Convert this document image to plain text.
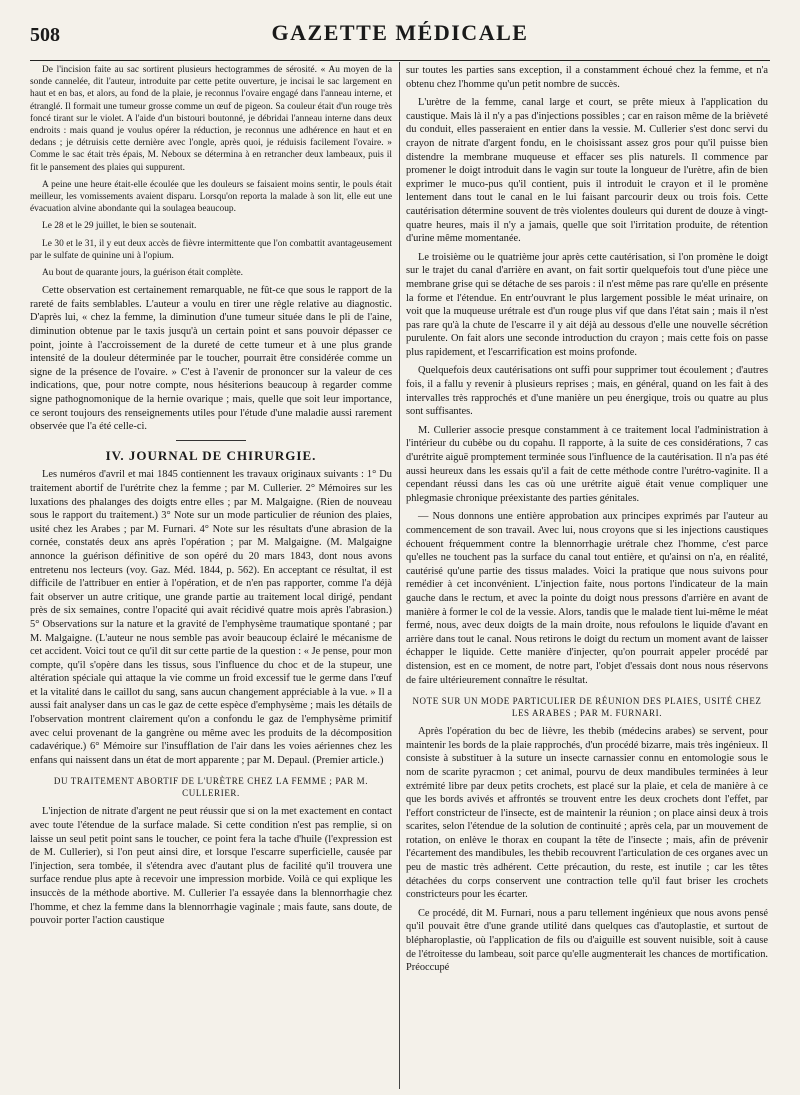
508	GAZETTE MÉDICALE

De l'incision faite au sac sortirent plusieurs hectogrammes de sérosité. « Au moyen de la sonde cannelée, dit l'auteur, introduite par cette petite ouverture, je incisai le sac largement en haut et en bas, et alors, au fond de la plaie, je reconnus l'ovaire engagé dans l'anneau interne, et étranglé. Il formait une tumeur grosse comme un œuf de pigeon. Sa couleur était d'un rouge très foncé tirant sur le violet. A l'aide d'un bistouri boutonné, je débridai l'anneau interne dans deux endroits : mais quand je voulus opérer la réduction, je reconnus une adhérence en haut et en dedans ; je détruisis cette dernière avec l'ongle, après quoi, je réduisis facilement l'ovaire. » Comme le sac était très épais, M. Neboux se détermina à en retrancher deux lambeaux, puis il fit le pansement des plaies qui suppurent.

A peine une heure était-elle écoulée que les douleurs se faisaient moins sentir, le pouls était meilleur, les vomissements avaient disparu. Lorsqu'on reporta la malade à son lit, elle eut une évacuation alvine abondante qui la soulagea beaucoup.

Le 28 et le 29 juillet, le bien se soutenait.

Le 30 et le 31, il y eut deux accès de fièvre intermittente que l'on combattit avantageusement par le sulfate de quinine uni à l'opium.

Au bout de quarante jours, la guérison était complète.

Cette observation est certainement remarquable, ne fût-ce que sous le rapport de la rareté de faits semblables. L'auteur a voulu en tirer une règle relative au diagnostic. D'après lui, « chez la femme, la diminution d'une tumeur située dans le pli de l'aine, diminution obtenue par le taxis jusqu'à un certain point et sans pouvoir dépasser ce point, jointe à l'accroissement de la dureté de cette tumeur et à une plus grande intensité de la douleur déterminée par le toucher, pourrait être considérée comme un signe de la présence de l'ovaire. » C'est à l'avenir de prononcer sur la valeur de ces indications, que, pour notre compte, nous hésiterions beaucoup à regarder comme signe pathognomonique de la hernie ovarique ; mais, quelle que soit leur importance, ce seront toujours des renseignements utiles pour l'étude d'une maladie aussi rarement observée que l'a été celle-ci.

IV. JOURNAL DE CHIRURGIE.

Les numéros d'avril et mai 1845 contiennent les travaux originaux suivants : 1° Du traitement abortif de l'urétrite chez la femme ; par M. Cullerier. 2° Mémoires sur les luxations des phalanges des doigts entre elles ; par M. Malgaigne. (Rien de nouveau sous le rapport du traitement.) 3° Note sur un mode particulier de réunion des plaies, usité chez les Arabes ; par M. Furnari. 4° Note sur les résultats d'une abrasion de la cornée, constatés deux ans après l'opération ; par M. Malgaigne. (M. Malgaigne annonce la guérison définitive de son opéré du 20 mars 1843, dont nous avons entretenu nos lecteurs (voy. Gaz. Méd. 1844, p. 562). En acceptant ce résultat, il est difficile de l'attribuer en entier à l'opération, et de n'en pas rapporter, comme l'a déjà fait observer un autre critique, une grande partie au traitement local dirigé, pendant près de six semaines, contre l'opacité qui avait récidivé quatre mois après l'abrasion.) 5° Observations sur la nature et la gravité de l'emphysème traumatique spontané ; par M. Malgaigne. (L'auteur ne nous semble pas avoir beaucoup éclairé le mécanisme de cet accident. Voici tout ce qu'il dit sur cette partie de la question : « Je pense, pour mon compte, qu'il s'opère dans les tissus, sous l'influence du choc et de la stupeur, une altération spéciale qui attaque la vie comme un froid excessif tue le germe dans l'œuf et la vitalité dans le caillot du sang, sans aucun changement appréciable à la vue. » Il a aussi fait analyser dans un cas le gaz de cette espèce d'emphysème ; mais les détails de l'observation montrent clairement qu'on a confondu le gaz de l'emphysème primitif avec celui provenant de la gangrène ou même avec les produits de la décomposition cadavérique.) 6° Mémoire sur l'insufflation de l'air dans les voies aériennes chez les enfans qui naissent dans un état de mort apparente ; par M. Depaul. (Premier article.)

DU TRAITEMENT ABORTIF DE L'URÈTRE CHEZ LA FEMME ; PAR M. CULLERIER.

L'injection de nitrate d'argent ne peut réussir que si on la met exactement en contact avec toute l'étendue de la surface malade. Si cette condition n'est pas remplie, si on laisse un seul petit point sans le toucher, ce point fera la tache d'huile (l'expression est de M. Cullerier), si l'on peut ainsi dire, et lorsque l'escarre superficielle, causée par l'injection, sera tombée, il s'étendra avec d'autant plus de facilité qu'il trouvera une surface rendue plus apte à recevoir une impression morbide. Voilà ce qui explique les insuccès de la méthode abortive. M. Cullerier l'a essayée dans la blennorrhagie chez l'homme, et chez la femme dans la blennorrhagie vaginale ; mais faute, sans doute, de pouvoir porter l'action caustique

sur toutes les parties sans exception, il a constamment échoué chez la femme, et n'a obtenu chez l'homme qu'un petit nombre de succès.

L'urètre de la femme, canal large et court, se prête mieux à l'application du caustique. Mais là il n'y a pas d'injections possibles ; car en raison même de la brièveté du conduit, elles passeraient en entier dans la vessie. M. Cullerier s'est donc servi du crayon de nitrate d'argent fondu, en le choisissant assez gros pour qu'il puisse bien distendre la membrane muqueuse et effacer ses plis naturels. Il commence par promener le doigt introduit dans le vagin sur toute la longueur de l'urètre, afin de bien exprimer le muco-pus qu'il contient, puis il introduit le crayon et il le promène lentement dans tout le canal en le lui faisant parcourir deux ou trois fois. Cette cautérisation détermine souvent de très violentes douleurs qui durent de douze à vingt-quatre heures, mais il n'y a jamais, quelle que soit l'irritation produite, de rétention d'urine même momentanée.

Le troisième ou le quatrième jour après cette cautérisation, si l'on promène le doigt sur le trajet du canal d'arrière en avant, on fait sortir quelquefois tout d'une pièce une membrane grise qui se détache de ses parois : il n'est même pas rare qu'elle en présente la forme et l'étendue. En entr'ouvrant le plus largement possible le méat urinaire, on voit que la muqueuse urétrale est d'un rouge plus vif que dans l'état sain ; mais il n'est pas rare qu'à la chute de l'escarre il y ait déjà au dessous d'elle une nouvelle sécrétion purulente. On fait alors une seconde introduction du crayon ; mais cette fois on passe plus rapidement, et l'escarrification est moins profonde.

Quelquefois deux cautérisations ont suffi pour supprimer tout écoulement ; d'autres fois, il a fallu y revenir à plusieurs reprises ; mais, en général, quand on les fait à des intervalles très rapprochés et d'une manière un peu énergique, trois ou quatre au plus sont suffisantes.

M. Cullerier associe presque constamment à ce traitement local l'administration à l'intérieur du cubèbe ou du copahu. Il rapporte, à la suite de ces considérations, 7 cas d'urétrite aiguë promptement terminée sous l'influence de la cautérisation. Il n'a pas été aussi heureux dans les essais qu'il a fait de cette méthode contre l'urétro-vaginite. Il a cependant réussi dans les cas où une urétrite aiguë était venue compliquer une phlegmasie chronique préexistante des parties génitales.

— Nous donnons une entière approbation aux principes exprimés par l'auteur au commencement de son travail. Avec lui, nous croyons que si les injections caustiques échouent fréquemment contre la blennorrhagie urétrale chez l'homme, c'est parce qu'elles ne touchent pas la surface du canal tout entière, et qu'ainsi on n'a, en réalité, cautérisé qu'une partie des tissus malades. Voici la pratique que nous suivons pour remédier à cet inconvénient. L'injection faite, nous portons l'indicateur de la main gauche dans le rectum, et avec la pointe du doigt nous pressons d'arrière en avant de manière à former le col de la vessie. Alors, tandis que le malade tient lui-même le méat fermé, nous, avec deux doigts de la main droite, nous refoulons le liquide d'avant en arrière dans tout le canal. Nous retirons le doigt du rectum un moment avant de laisser échapper le liquide. Cette manière d'injecter, qu'on pourrait appeler procédé par distension, est en ce moment, de notre part, l'objet d'essais dont nous nous réservons de faire ultérieurement connaître le résultat.

NOTE SUR UN MODE PARTICULIER DE RÉUNION DES PLAIES, USITÉ CHEZ LES ARABES ; PAR M. FURNARI.

Après l'opération du bec de lièvre, les thebib (médecins arabes) se servent, pour maintenir les bords de la plaie rapprochés, d'un procédé bizarre, mais très ingénieux. Il consiste à substituer à la suture un insecte carnassier connu en entomologie sous le nom de scarite pyracmon ; cet animal, pourvu de deux mandibules terminées à leur extrémité libre par deux petits crochets, est placé sur la plaie, et cela de manière à ce que les bords avivés et affrontés se trouvent entre les deux crochets dont l'effet, par l'effort constricteur de l'insecte, est de maintenir la réunion ; on place ainsi deux à trois scarites, selon l'étendue de la solution de continuité ; après cela, par un mouvement de rotation, on enlève le thorax en coupant la tête de l'insecte ; mais, afin de prévenir l'écartement des mandibules, les thebib recouvrent l'articulation de ces organes avec un peu de mastic très adhérent. Cette précaution, du reste, est inutile ; car les têtes détachées du corps conservent une contraction telle qu'il faut briser les crochets constricteurs pour les écarter.

Ce procédé, dit M. Furnari, nous a paru tellement ingénieux que nous avons pensé qu'il pouvait être d'une grande utilité dans quelques cas d'autoplastie, et surtout de blépharoplastie, où l'application de fils ou d'aiguille est souvent nuisible, soit à cause de l'étroitesse du lambeau, soit parce qu'elle augmenterait les chances de mortification. Préoccupé
